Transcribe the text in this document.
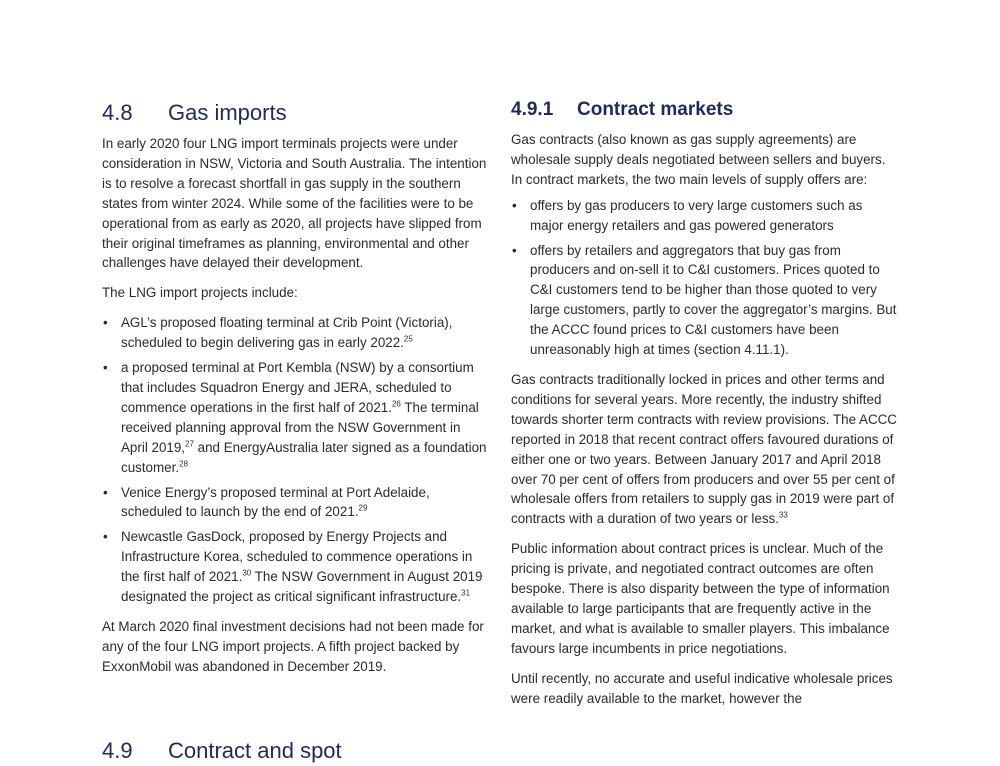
4.8 Gas imports

In early 2020 four LNG import terminals projects were under consideration in NSW, Victoria and South Australia. The intention is to resolve a forecast shortfall in gas supply in the southern states from winter 2024. While some of the facilities were to be operational from as early as 2020, all projects have slipped from their original timeframes as planning, environmental and other challenges have delayed their development.

The LNG import projects include:

• AGL’s proposed floating terminal at Crib Point (Victoria), scheduled to begin delivering gas in early 2022.25
• a proposed terminal at Port Kembla (NSW) by a consortium that includes Squadron Energy and JERA, scheduled to commence operations in the first half of 2021.26 The terminal received planning approval from the NSW Government in April 2019,27 and EnergyAustralia later signed as a foundation customer.$^{28}$
• Venice Energy’s proposed terminal at Port Adelaide, scheduled to launch by the end of 2021.29
• Newcastle GasDock, proposed by Energy Projects and Infrastructure Korea, scheduled to commence operations in the first half of 2021.30 The NSW Government in August 2019 designated the project as critical significant infrastructure.$^{31}$

At March 2020 final investment decisions had not been made for any of the four LNG import projects. A fifth project backed by ExxonMobil was abandoned in December 2019.

4.9 Contract and spot
4.9.1 Contract markets

Gas contracts (also known as gas supply agreements) are wholesale supply deals negotiated between sellers and buyers. In contract markets, the two main levels of supply offers are:

• offers by gas producers to very large customers such as major energy retailers and gas powered generators
• offers by retailers and aggregators that buy gas from producers and on-sell it to C&I customers. Prices quoted to C&I customers tend to be higher than those quoted to very large customers, partly to cover the aggregator’s margins. But the ACCC found prices to C&I customers have been unreasonably high at times (section 4.11.1).

Gas contracts traditionally locked in prices and other terms and conditions for several years. More recently, the industry shifted towards shorter term contracts with review provisions. The ACCC reported in 2018 that recent contract offers favoured durations of either one or two years. Between January 2017 and April 2018 over 70 per cent of offers from producers and over 55 per cent of wholesale offers from retailers to supply gas in 2019 were part of contracts with a duration of two years or less.$^{33}$

Public information about contract prices is unclear. Much of the pricing is private, and negotiated contract outcomes are often bespoke. There is also disparity between the type of information available to large participants that are frequently active in the market, and what is available to smaller players. This imbalance favours large incumbents in price negotiations.

Until recently, no accurate and useful indicative wholesale prices were readily available to the market, however the
